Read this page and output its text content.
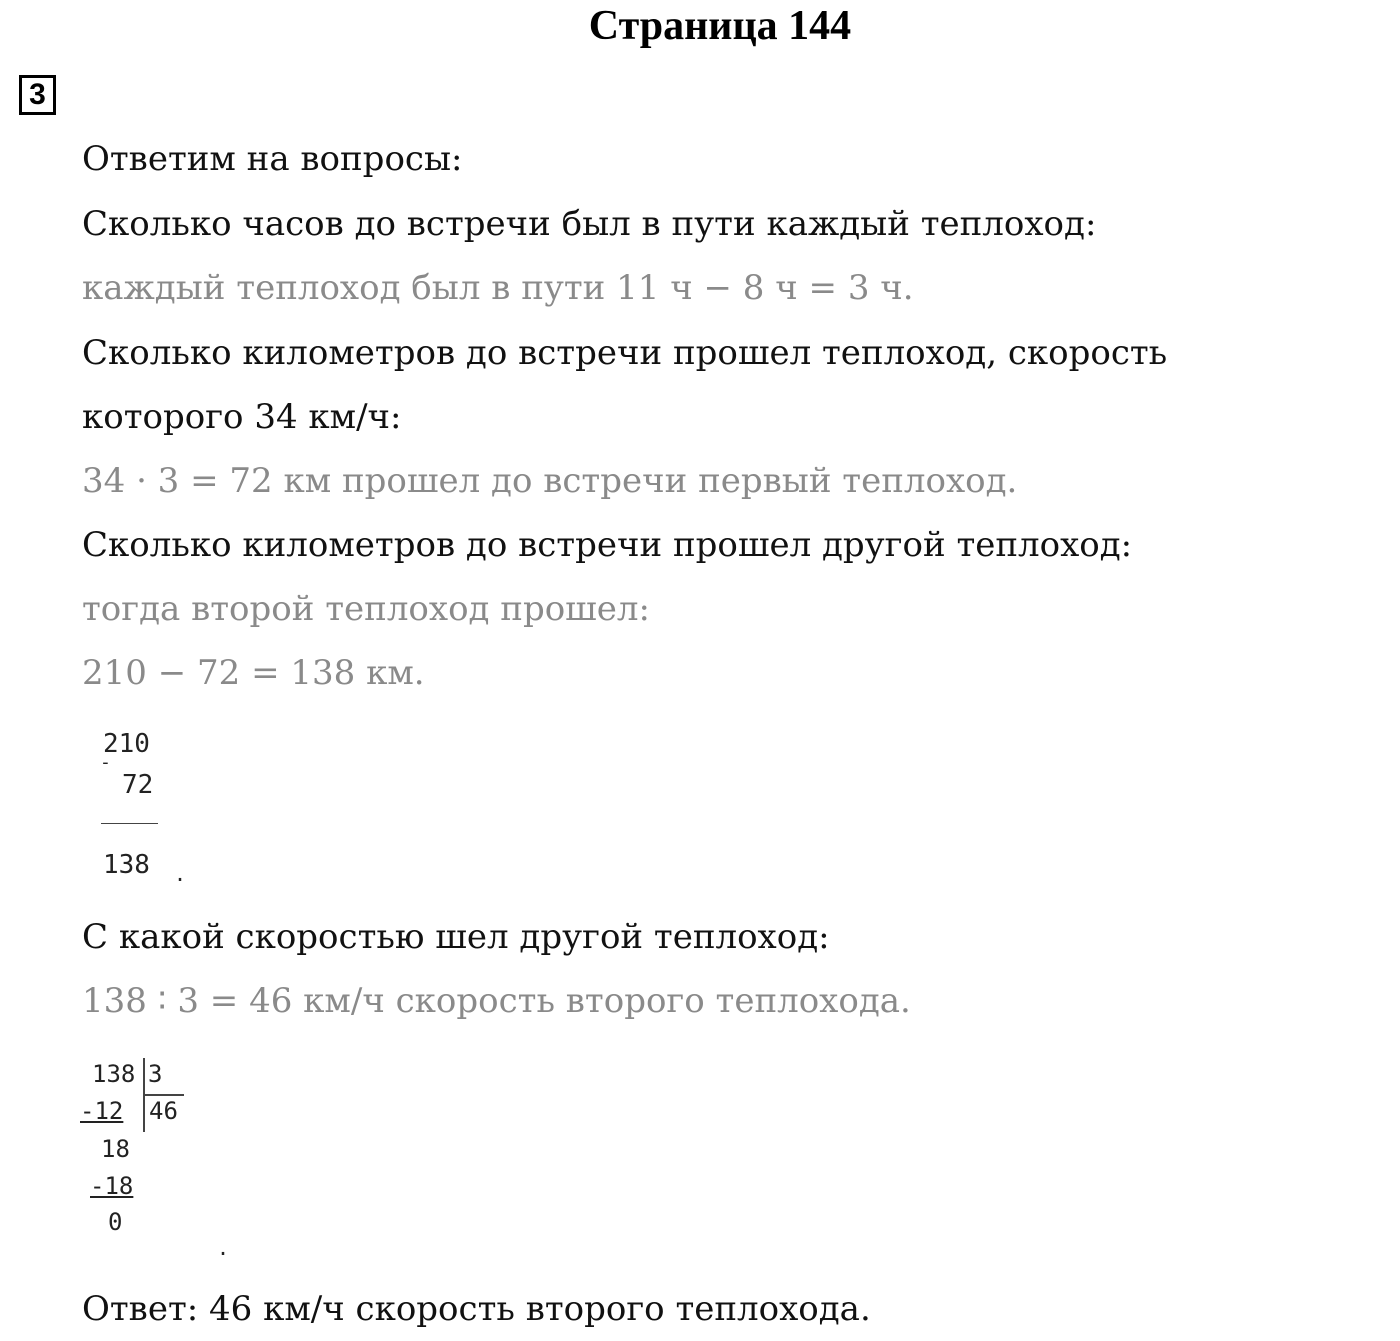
Страница 144
3
Ответим на вопросы:
Сколько часов до встречи был в пути каждый теплоход:
каждый теплоход был в пути 11 ч − 8 ч = 3 ч.
Сколько километров до встречи прошел теплоход, скорость
которого 34 км/ч:
34 · 3 = 72 км прошел до встречи первый теплоход.
Сколько километров до встречи прошел другой теплоход:
тогда второй теплоход прошел:
210 − 72 = 138 км.
210
-
72
138 .
С какой скоростью шел другой теплоход:
138 ∶ 3 = 46 км/ч скорость второго теплохода.
138 3
-12 46
18
-18
0
.
Ответ: 46 км/ч скорость второго теплохода.
